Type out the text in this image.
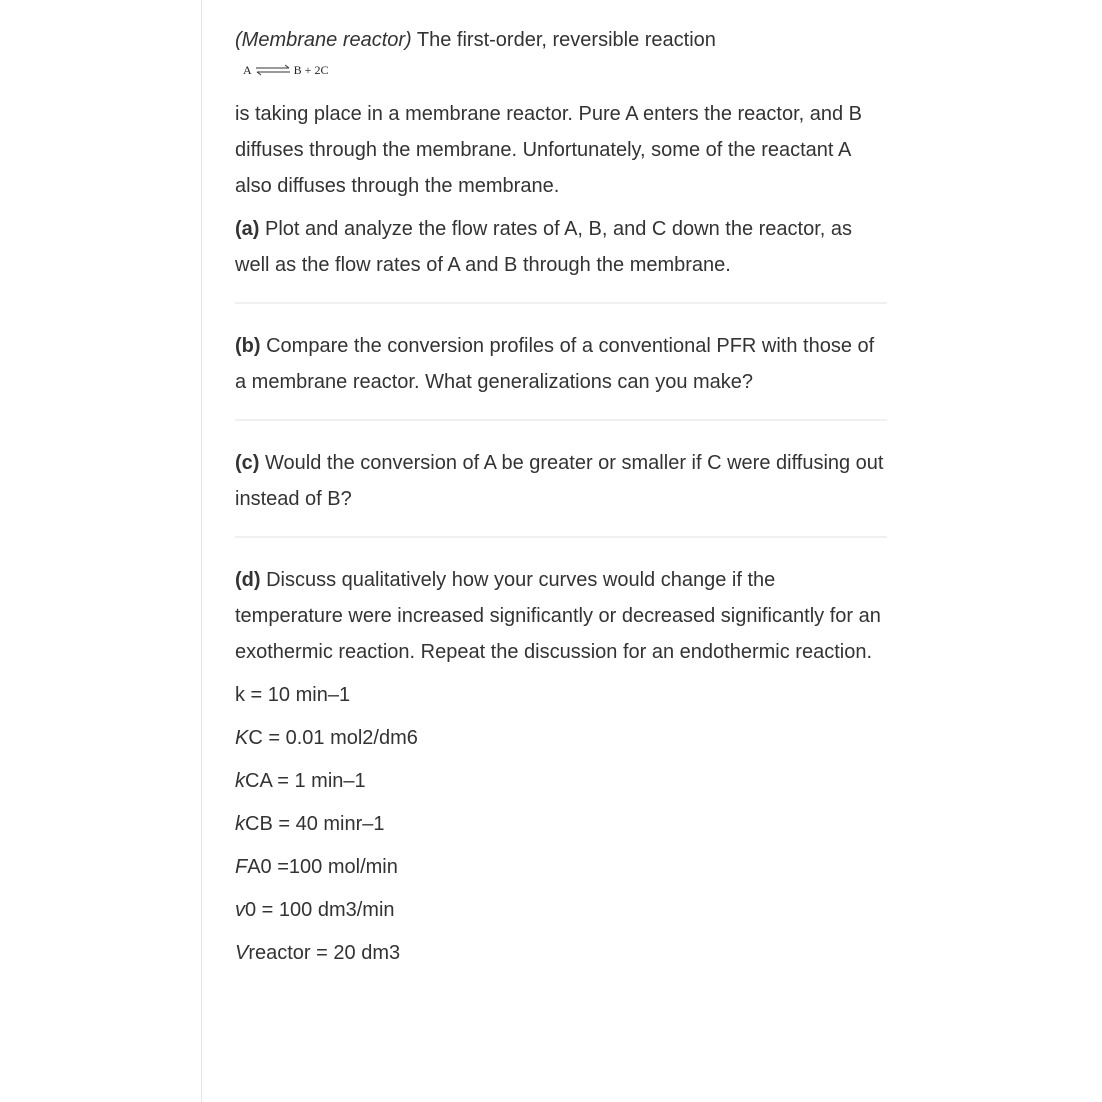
(Membrane reactor) The first-order, reversible reaction

A ⇌ B + 2C

is taking place in a membrane reactor. Pure A enters the reactor, and B diffuses through the membrane. Unfortunately, some of the reactant A also diffuses through the membrane.

(a) Plot and analyze the flow rates of A, B, and C down the reactor, as well as the flow rates of A and B through the membrane.

(b) Compare the conversion profiles of a conventional PFR with those of a membrane reactor. What generalizations can you make?

(c) Would the conversion of A be greater or smaller if C were diffusing out instead of B?

(d) Discuss qualitatively how your curves would change if the temperature were increased significantly or decreased significantly for an exothermic reaction. Repeat the discussion for an endothermic reaction.

k = 10 min–1

KC = 0.01 mol2/dm6

kCA = 1 min–1

kCB = 40 minr–1

FA0 =100 mol/min

v0 = 100 dm3/min

Vreactor = 20 dm3
